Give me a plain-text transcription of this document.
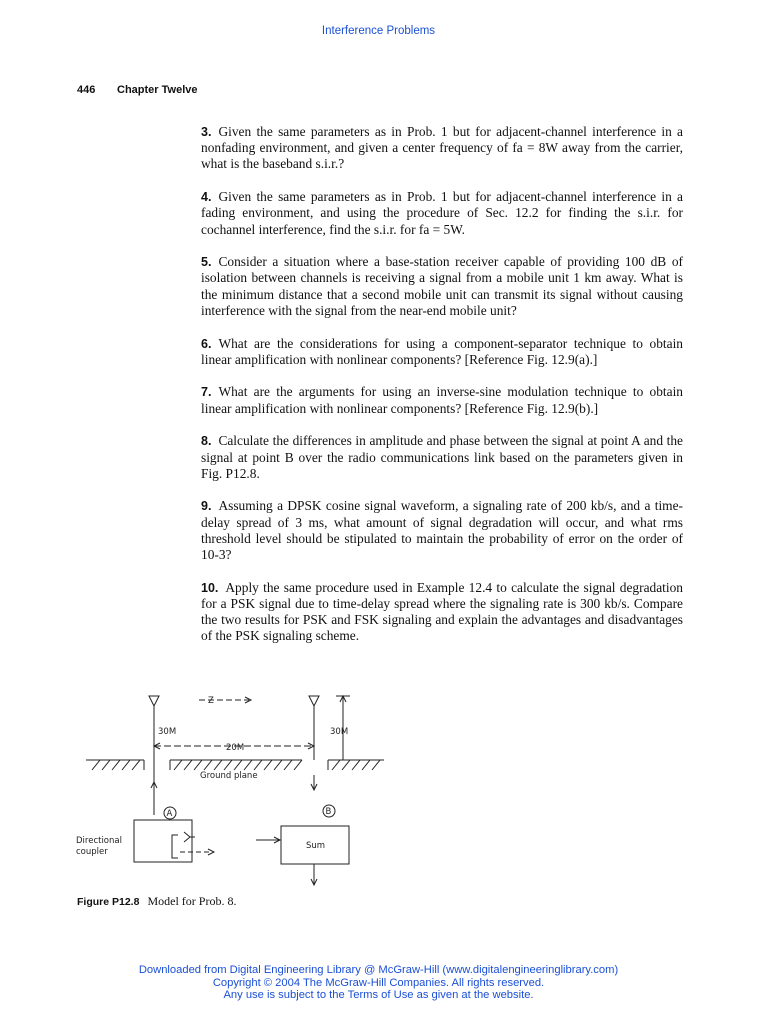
Interference Problems
446 Chapter Twelve

3. Given the same parameters as in Prob. 1 but for adjacent-channel interference in a nonfading environment, and given a center frequency of fa = 8W away from the carrier, what is the baseband s.i.r.?

4. Given the same parameters as in Prob. 1 but for adjacent-channel interference in a fading environment, and using the procedure of Sec. 12.2 for finding the s.i.r. for cochannel interference, find the s.i.r. for fa = 5W.

5. Consider a situation where a base-station receiver capable of providing 100 dB of isolation between channels is receiving a signal from a mobile unit 1 km away. What is the minimum distance that a second mobile unit can transmit its signal without causing interference with the signal from the near-end mobile unit?

6. What are the considerations for using a component-separator technique to obtain linear amplification with nonlinear components? [Reference Fig. 12.9(a).]

7. What are the arguments for using an inverse-sine modulation technique to obtain linear amplification with nonlinear components? [Reference Fig. 12.9(b).]

8. Calculate the differences in amplitude and phase between the signal at point A and the signal at point B over the radio communications link based on the parameters given in Fig. P12.8.

9. Assuming a DPSK cosine signal waveform, a signaling rate of 200 kb/s, and a time-delay spread of 3 ms, what amount of signal degradation will occur, and what rms threshold level should be stipulated to maintain the probability of error on the order of 10-3?

10. Apply the same procedure used in Example 12.4 to calculate the signal degradation for a PSK signal due to time-delay spread where the signaling rate is 300 kb/s. Compare the two results for PSK and FSK signaling and explain the advantages and disadvantages of the PSK signaling scheme.

Z
30M	30M
20M
Ground plane
A	B
Directional coupler
Sum
Figure P12.8 Model for Prob. 8.
Downloaded from Digital Engineering Library @ McGraw-Hill (www.digitalengineeringlibrary.com)
Copyright © 2004 The McGraw-Hill Companies. All rights reserved.
Any use is subject to the Terms of Use as given at the website.
